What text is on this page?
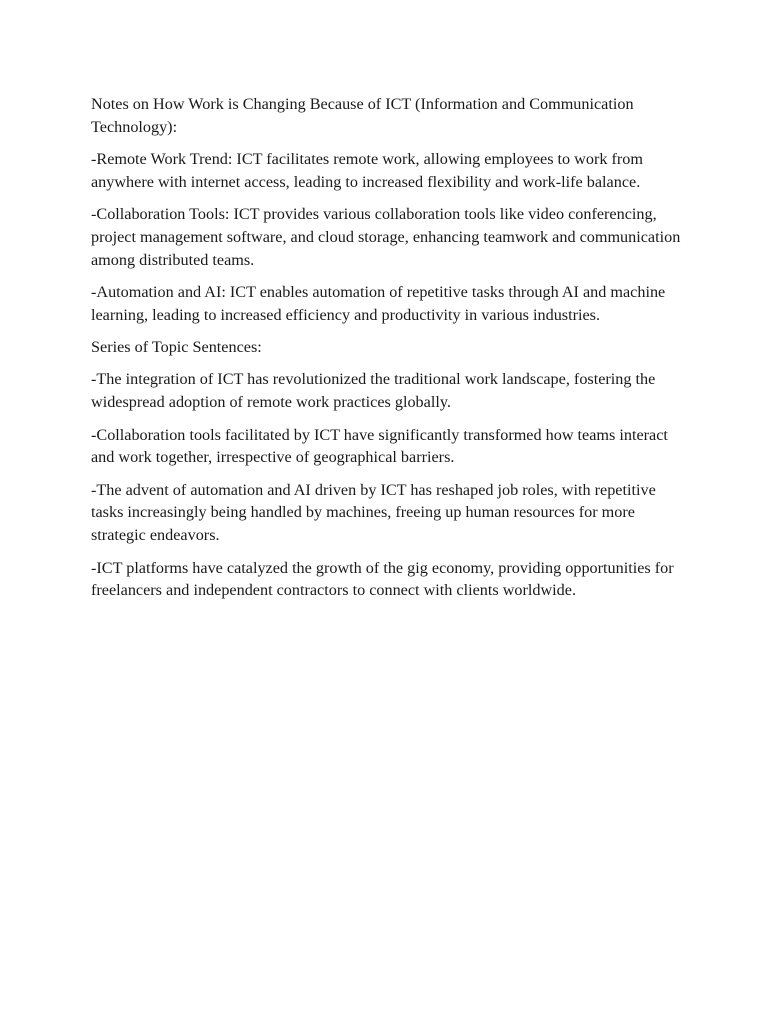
Notes on How Work is Changing Because of ICT (Information and Communication Technology):

-Remote Work Trend: ICT facilitates remote work, allowing employees to work from anywhere with internet access, leading to increased flexibility and work-life balance.

-Collaboration Tools: ICT provides various collaboration tools like video conferencing, project management software, and cloud storage, enhancing teamwork and communication among distributed teams.

-Automation and AI: ICT enables automation of repetitive tasks through AI and machine learning, leading to increased efficiency and productivity in various industries.

Series of Topic Sentences:

-The integration of ICT has revolutionized the traditional work landscape, fostering the widespread adoption of remote work practices globally.

-Collaboration tools facilitated by ICT have significantly transformed how teams interact and work together, irrespective of geographical barriers.

-The advent of automation and AI driven by ICT has reshaped job roles, with repetitive tasks increasingly being handled by machines, freeing up human resources for more strategic endeavors.

-ICT platforms have catalyzed the growth of the gig economy, providing opportunities for freelancers and independent contractors to connect with clients worldwide.
